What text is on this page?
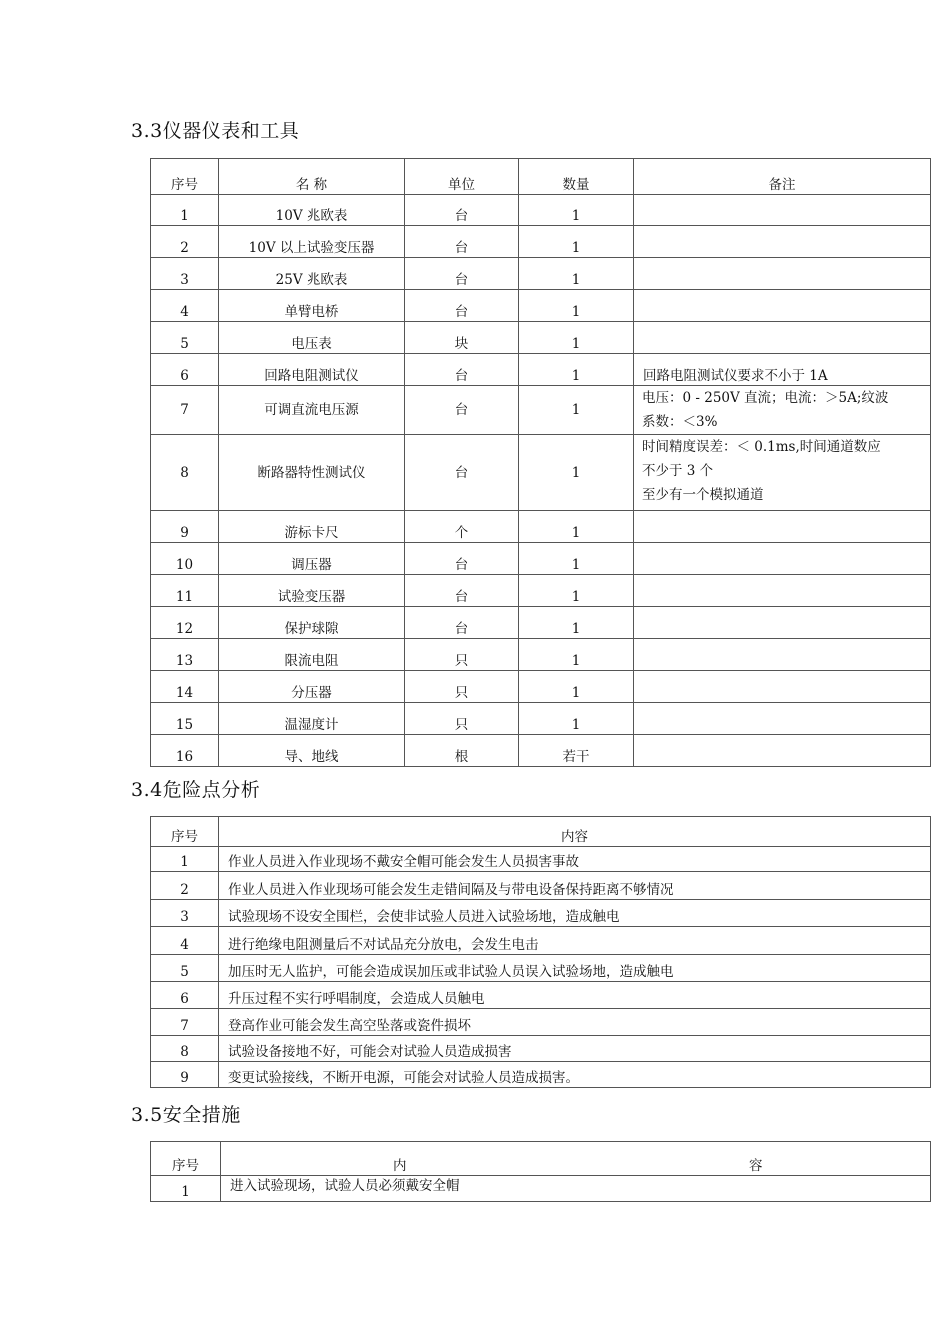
3.3仪器仪表和工具
序号	名 称	单位	数量	备注
1	10V 兆欧表	台	1	
2	10V 以上试验变压器	台	1	
3	25V 兆欧表	台	1	
4	单臂电桥	台	1	
5	电压表	块	1	
6	回路电阻测试仪	台	1	回路电阻测试仪要求不小于 1A
7	可调直流电压源	台	1	电压：0 - 250V 直流；电流：＞5A;纹波
系数：＜3%

8	断路器特性测试仪	台	1	时间精度误差：＜ 0.1ms,时间通道数应
不少于 3 个
至少有一个模拟通道

9	游标卡尺	个	1	
10	调压器	台	1	
11	试验变压器	台	1	
12	保护球隙	台	1	
13	限流电阻	只	1	
14	分压器	只	1	
15	温湿度计	只	1	
16	导、地线	根	若干	
3.4危险点分析
序号	内容
1	作业人员进入作业现场不戴安全帽可能会发生人员损害事故
2	作业人员进入作业现场可能会发生走错间隔及与带电设备保持距离不够情况
3	试验现场不设安全围栏，会使非试验人员进入试验场地，造成触电
4	进行绝缘电阻测量后不对试品充分放电，会发生电击
5	加压时无人监护，可能会造成误加压或非试验人员误入试验场地，造成触电
6	升压过程不实行呼唱制度，会造成人员触电
7	登高作业可能会发生高空坠落或瓷件损坏
8	试验设备接地不好，可能会对试验人员造成损害
9	变更试验接线，不断开电源，可能会对试验人员造成损害。
3.5安全措施
序号	内 容

1	进入试验现场，试验人员必须戴安全帽
